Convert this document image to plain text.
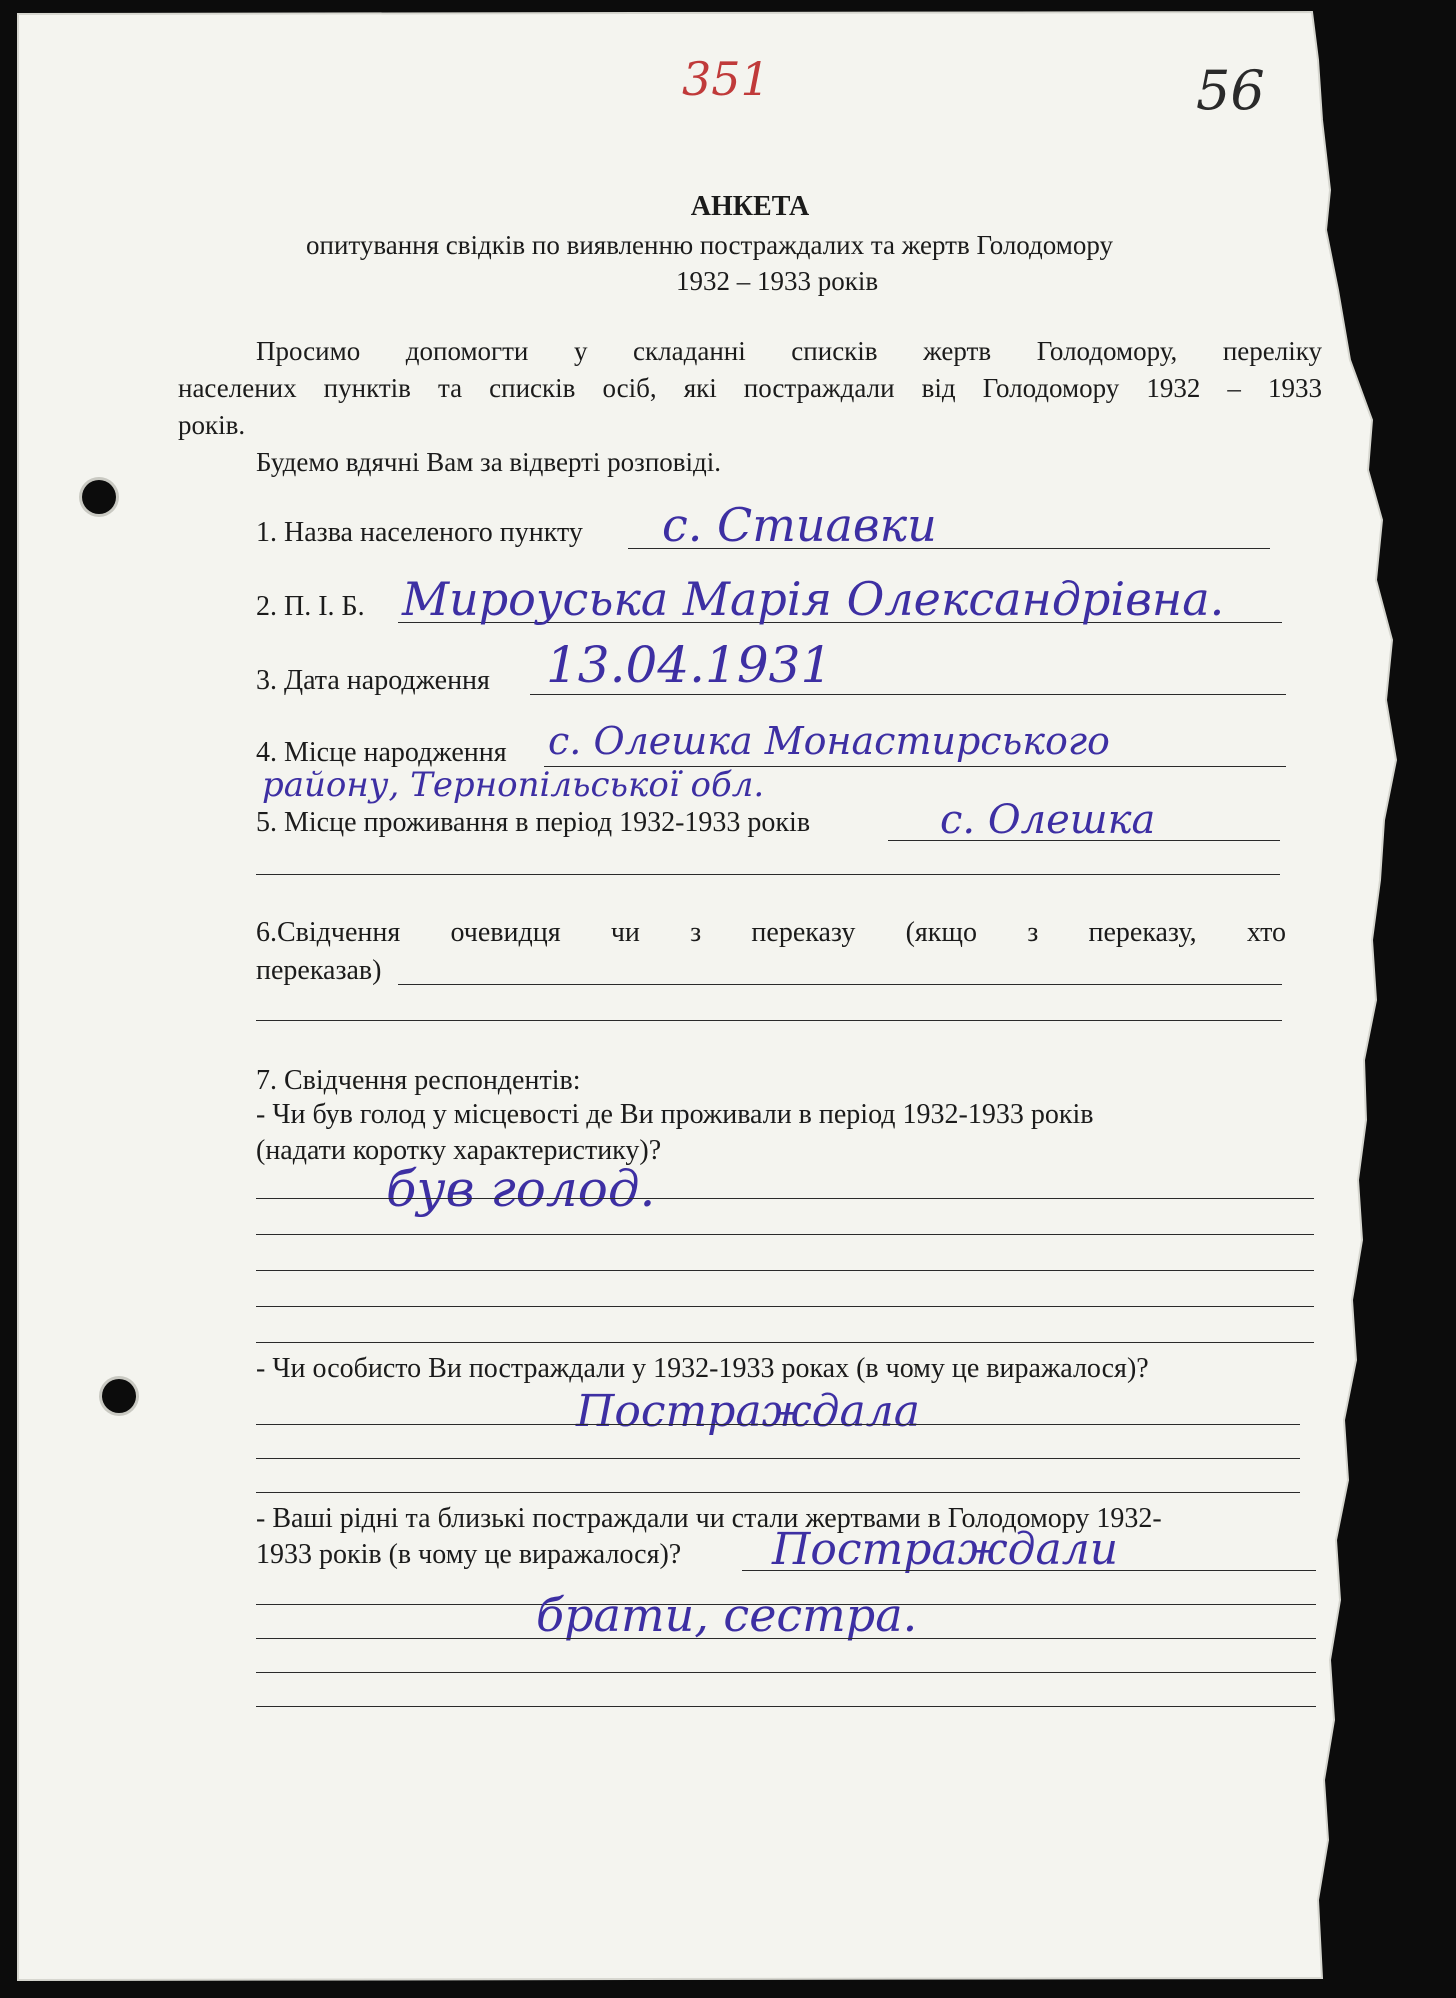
351	56
АНКЕТА
опитування свідків по виявленню постраждалих та жертв Голодомору
1932 – 1933 років
Просимо допомогти у складанні списків жертв Голодомору, переліку
населених пунктів та списків осіб, які постраждали від Голодомору 1932 – 1933
років.
Будемо вдячні Вам за відверті розповіді.
1. Назва населеного пункту с. Стиавки
2. П. І. Б. Мироуська Марія Олександрівна.
3. Дата народження 13.04.1931
4. Місце народження с. Олешка Монастирського
району, Тернопільської обл.
5. Місце проживання в період 1932-1933 років	с. Олешка
6.Свідчення очевидця чи з переказу (якщо з переказу, хто
переказав)
7. Свідчення респондентів:
- Чи був голод у місцевості де Ви проживали в період 1932-1933 років
(надати коротку характеристику)?
був голод.
- Чи особисто Ви постраждали у 1932-1933 роках (в чому це виражалося)?
Постраждала
- Ваші рідні та близькі постраждали чи стали жертвами в Голодомору 1932-
1933 років (в чому це виражалося)? Постраждали
брати, сестра.
